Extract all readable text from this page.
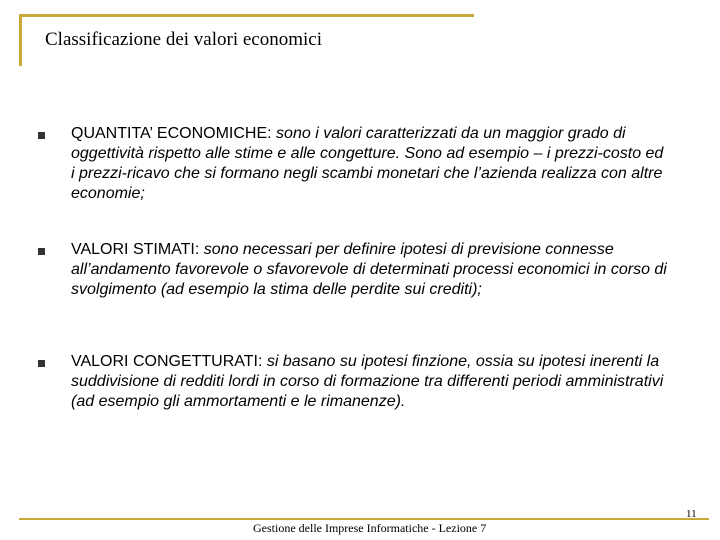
Classificazione dei valori economici
QUANTITA’ ECONOMICHE: sono i valori caratterizzati da un maggior grado di oggettività rispetto alle stime e alle congetture. Sono ad esempio – i prezzi-costo ed i prezzi-ricavo che si formano negli scambi monetari che l’azienda realizza con altre economie;
VALORI STIMATI: sono necessari per definire ipotesi di previsione connesse all’andamento favorevole o sfavorevole di determinati processi economici in corso di svolgimento (ad esempio la stima delle perdite sui crediti);
VALORI CONGETTURATI: si basano su ipotesi finzione, ossia su ipotesi inerenti la suddivisione di redditi lordi in corso di formazione tra differenti periodi amministrativi (ad esempio gli ammortamenti e le rimanenze).
Gestione delle Imprese Informatiche - Lezione 7
11
